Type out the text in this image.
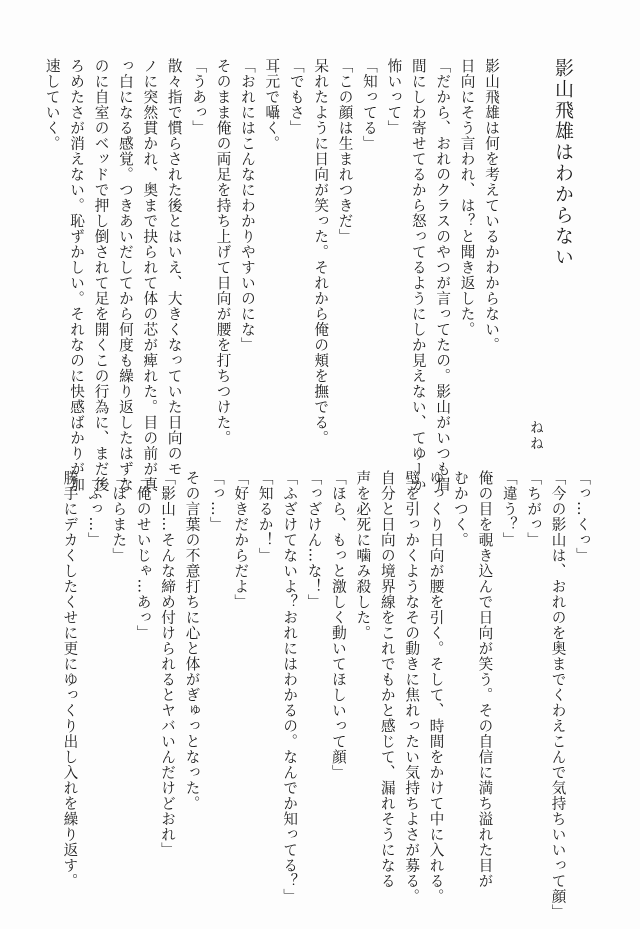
影山飛雄はわからない
ねね
影山飛雄は何を考えているかわからない。
日向にそう言われ、は？と聞き返した。
「だから、おれのクラスのやつが言ってたの。影山がいつも眉
間にしわ寄せてるから怒ってるようにしか見えない、てゆーか
怖いって」
「知ってる」
「この顔は生まれつきだ」
呆れたように日向が笑った。それから俺の頬を撫でる。
「でもさ」
耳元で囁く。
「おれにはこんなにわかりやすいのにな」
そのまま俺の両足を持ち上げて日向が腰を打ちつけた。
「うあっ」
散々指で慣らされた後とはいえ、大きくなっていた日向のモ
ノに突然貫かれ、奥まで抉られて体の芯が痺れた。目の前が真
っ白になる感覚。つきあいだしてから何度も繰り返したはずな
のに自室のベッドで押し倒されて足を開くこの行為に、まだ後
ろめたさが消えない。恥ずかしい。それなのに快感ばかりが加
速していく。
「っ…くっ」
「今の影山は、おれのを奥までくわえこんで気持ちいいって顔」
「ちがっ」
「違う？」
俺の目を覗き込んで日向が笑う。その自信に満ち溢れた目が
むかつく。
ゆっくり日向が腰を引く。そして、時間をかけて中に入れる。
壁を引っかくようなその動きに焦れったい気持ちよさが募る。
自分と日向の境界線をこれでもかと感じて、漏れそうになる
声を必死に噛み殺した。
「ほら、もっと激しく動いてほしいって顔」
「っざけん…な！」
「ふざけてないよ？おれにはわかるの。なんでか知ってる？」
「知るか！」
「好きだからだよ」
「っ…」
その言葉の不意打ちに心と体がぎゅっとなった。
「影山…そんな締め付けられるとヤバいんだけどおれ」
「俺のせいじゃ…あっ」
「ほらまた」
「ふっ…」
勝手にデカくしたくせに更にゆっくり出し入れを繰り返す。
